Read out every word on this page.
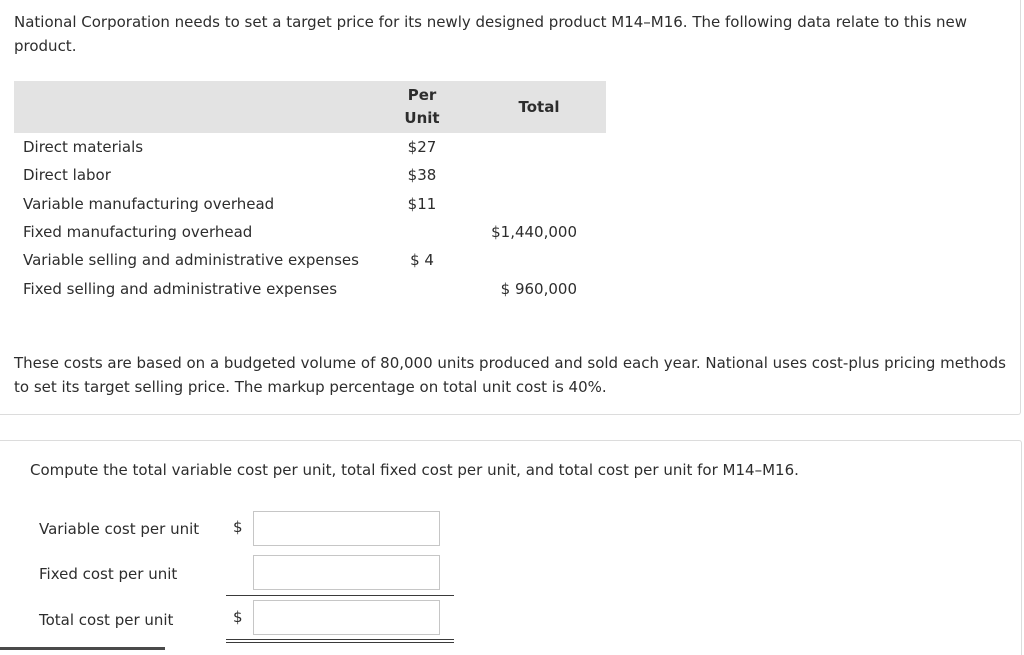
National Corporation needs to set a target price for its newly designed product M14–M16. The following data relate to this new product.

	Per
Unit	Total
Direct materials	$27	
Direct labor	$38	
Variable manufacturing overhead	$11	
Fixed manufacturing overhead		$1,440,000
Variable selling and administrative expenses	$ 4	
Fixed selling and administrative expenses		$ 960,000

These costs are based on a budgeted volume of 80,000 units produced and sold each year. National uses cost-plus pricing methods to set its target selling price. The markup percentage on total unit cost is 40%.

Compute the total variable cost per unit, total fixed cost per unit, and total cost per unit for M14–M16.

Variable cost per unit $
Fixed cost per unit
Total cost per unit	$
